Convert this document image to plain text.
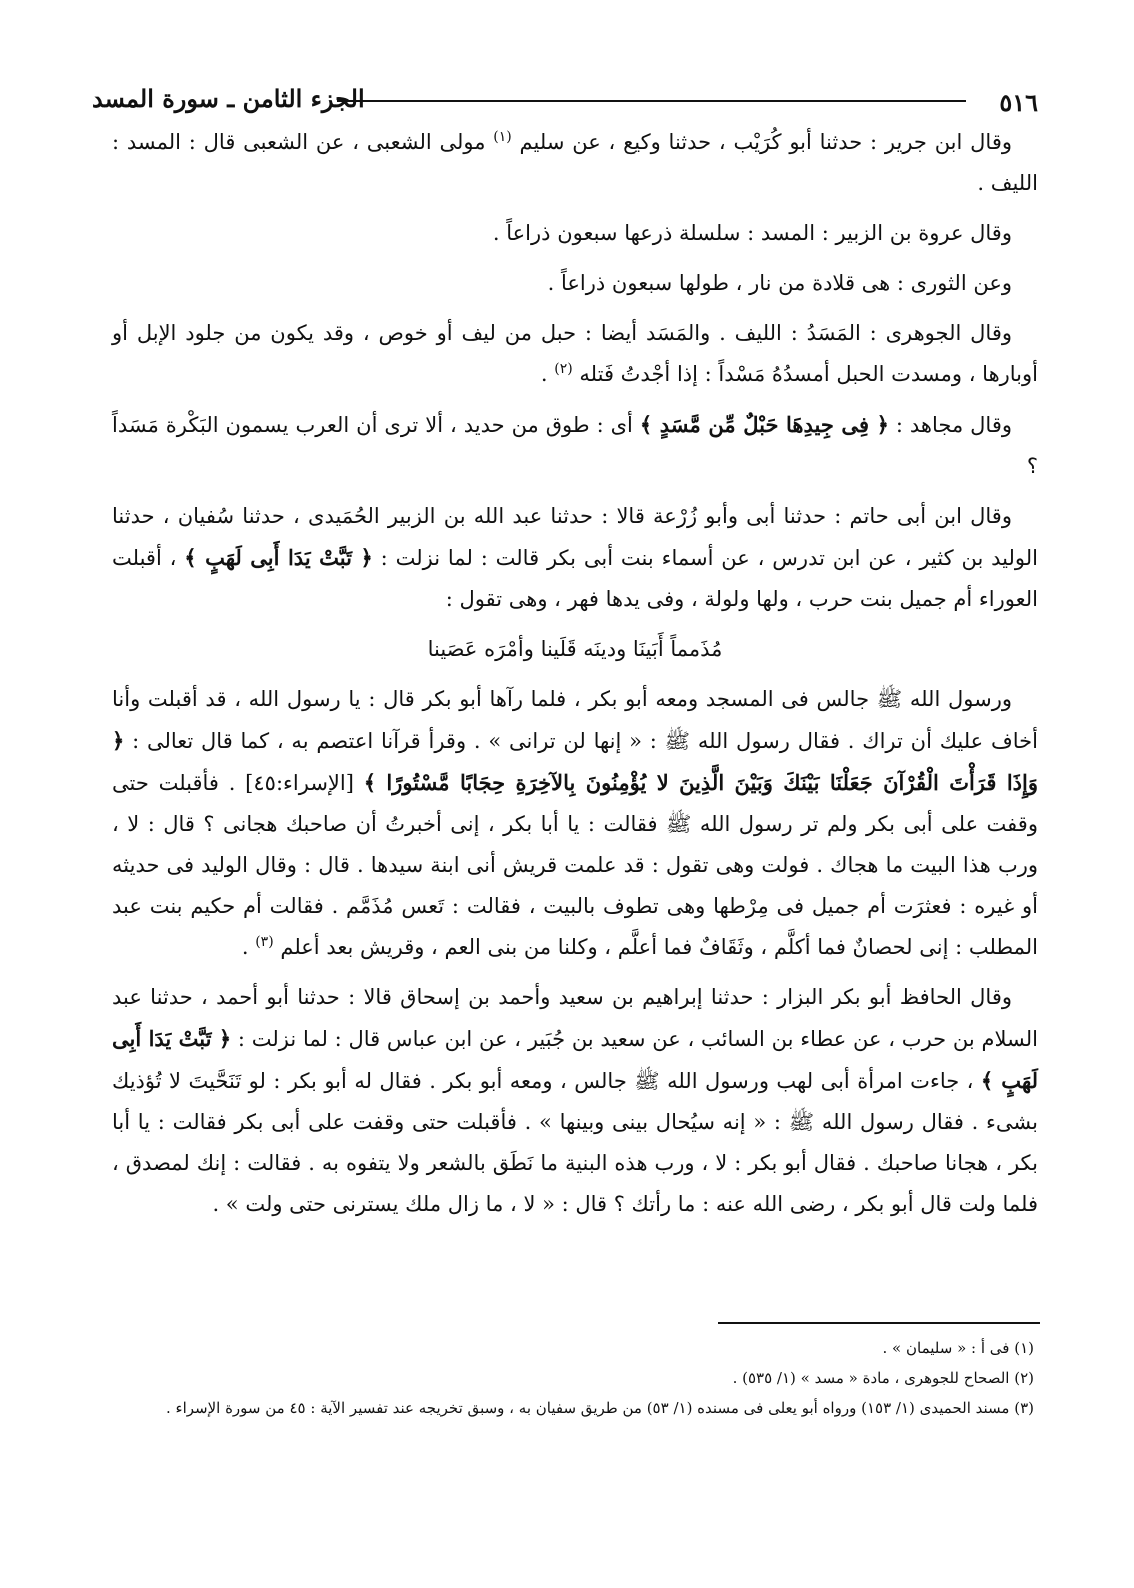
٥١٦
الجزء الثامن ـ سورة المسد

وقال ابن جرير : حدثنا أبو كُرَيْب ، حدثنا وكيع ، عن سليم $^{(١)}$ مولى الشعبى ، عن الشعبى قال : المسد : الليف .

وقال عروة بن الزبير : المسد : سلسلة ذرعها سبعون ذراعاً .

وعن الثورى : هى قلادة من نار ، طولها سبعون ذراعاً .

وقال الجوهرى : المَسَدُ : الليف . والمَسَد أيضا : حبل من ليف أو خوص ، وقد يكون من جلود الإبل أو أوبارها ، ومسدت الحبل أمسدُهُ مَسْداً : إذا أجْدتُ فَتله $^{(٢)}$ .

وقال مجاهد : ﴿ فِى جِيدِهَا حَبْلٌ مِّن مَّسَدٍ ﴾ أى : طوق من حديد ، ألا ترى أن العرب يسمون البَكْرة مَسَداً ؟

وقال ابن أبى حاتم : حدثنا أبى وأبو زُرْعة قالا : حدثنا عبد الله بن الزبير الحُمَيدى ، حدثنا سُفيان ، حدثنا الوليد بن كثير ، عن ابن تدرس ، عن أسماء بنت أبى بكر قالت : لما نزلت : ﴿ تَبَّتْ يَدَا أَبِى لَهَبٍ ﴾ ، أقبلت العوراء أم جميل بنت حرب ، ولها ولولة ، وفى يدها فهر ، وهى تقول :

مُذَمماً أَبَينَا ودينَه قَلَينا وأمْرَه عَصَينا

ورسول الله ﷺ جالس فى المسجد ومعه أبو بكر ، فلما رآها أبو بكر قال : يا رسول الله ، قد أقبلت وأنا أخاف عليك أن تراك . فقال رسول الله ﷺ : « إنها لن ترانى » . وقرأ قرآنا اعتصم به ، كما قال تعالى : ﴿ وَإِذَا قَرَأْتَ الْقُرْآنَ جَعَلْنَا بَيْنَكَ وَبَيْنَ الَّذِينَ لا يُؤْمِنُونَ بِالآخِرَةِ حِجَابًا مَّسْتُورًا ﴾ [الإسراء:٤٥] . فأقبلت حتى وقفت على أبى بكر ولم تر رسول الله ﷺ فقالت : يا أبا بكر ، إنى أخبرتُ أن صاحبك هجانى ؟ قال : لا ، ورب هذا البيت ما هجاك . فولت وهى تقول : قد علمت قريش أنى ابنة سيدها . قال : وقال الوليد فى حديثه أو غيره : فعثرَت أم جميل فى مِرْطها وهى تطوف بالبيت ، فقالت : تَعس مُذَمَّم . فقالت أم حكيم بنت عبد المطلب : إنى لحصانٌ فما أكلَّم ، وثَقَافٌ فما أعلَّم ، وكلنا من بنى العم ، وقريش بعد أعلم $^{(٣)}$ .

وقال الحافظ أبو بكر البزار : حدثنا إبراهيم بن سعيد وأحمد بن إسحاق قالا : حدثنا أبو أحمد ، حدثنا عبد السلام بن حرب ، عن عطاء بن السائب ، عن سعيد بن جُبَير ، عن ابن عباس قال : لما نزلت : ﴿ تَبَّتْ يَدَا أَبِى لَهَبٍ ﴾ ، جاءت امرأة أبى لهب ورسول الله ﷺ جالس ، ومعه أبو بكر . فقال له أبو بكر : لو تَنَحَّيتَ لا تُؤذيك بشىء . فقال رسول الله ﷺ : « إنه سيُحال بينى وبينها » . فأقبلت حتى وقفت على أبى بكر فقالت : يا أبا بكر ، هجانا صاحبك . فقال أبو بكر : لا ، ورب هذه البنية ما نَطَق بالشعر ولا يتفوه به . فقالت : إنك لمصدق ، فلما ولت قال أبو بكر ، رضى الله عنه : ما رأتك ؟ قال : « لا ، ما زال ملك يسترنى حتى ولت » .

(١) فى أ : « سليمان » .

(٢) الصحاح للجوهرى ، مادة « مسد » (١/ ٥٣٥) .

(٣) مسند الحميدى (١/ ١٥٣) ورواه أبو يعلى فى مسنده (١/ ٥٣) من طريق سفيان به ، وسبق تخريجه عند تفسير الآية : ٤٥ من سورة الإسراء .
